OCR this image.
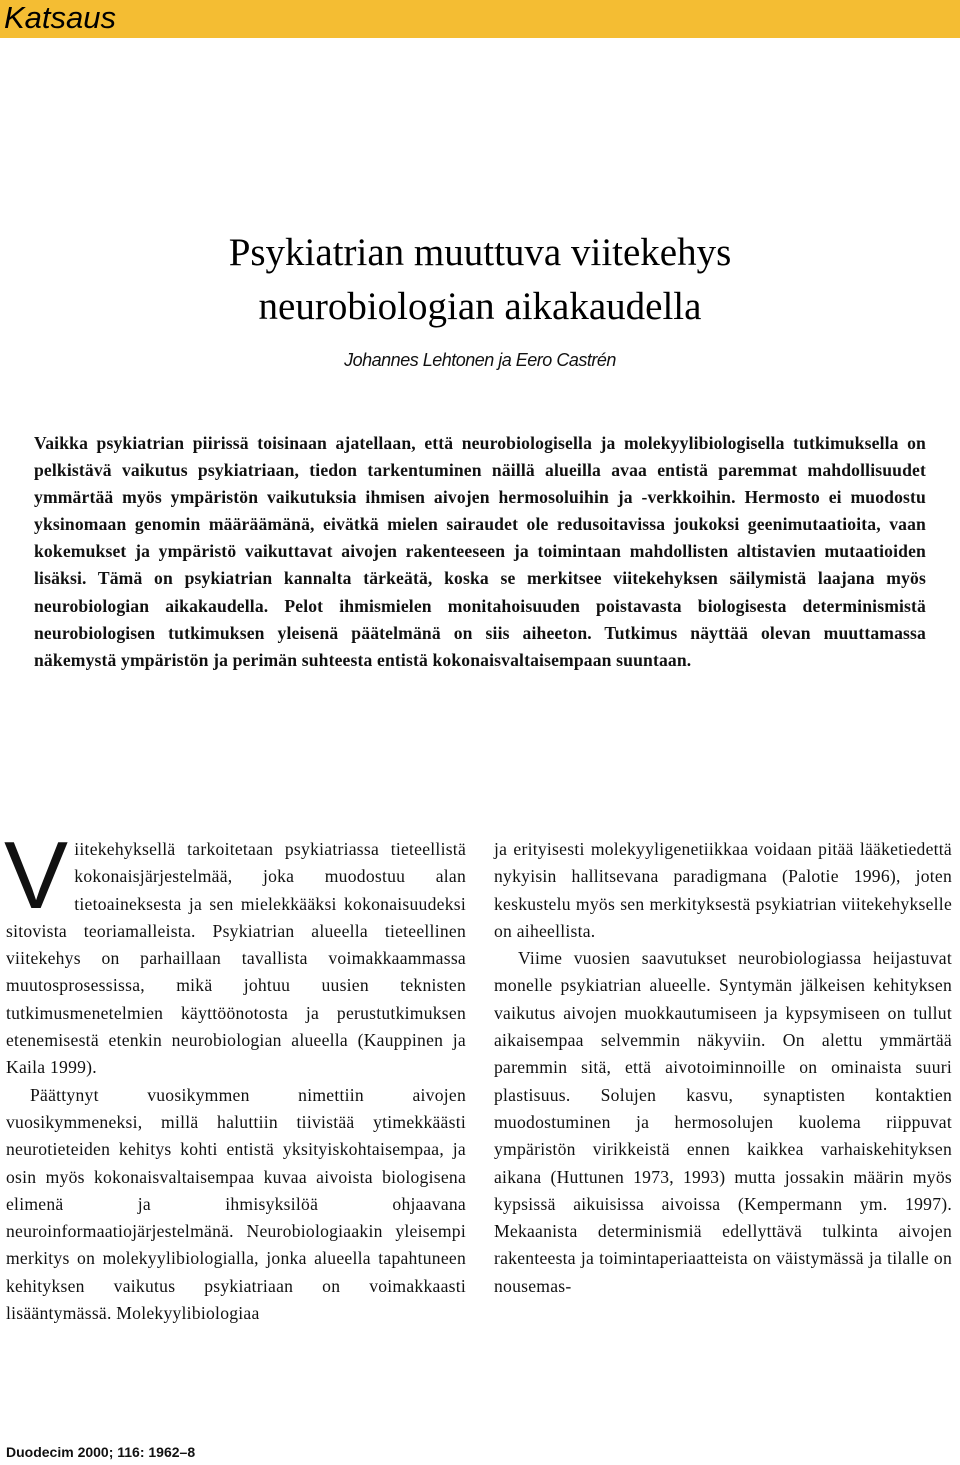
Katsaus
Psykiatrian muuttuva viitekehys
neurobiologian aikakaudella
Johannes Lehtonen ja Eero Castrén

Vaikka psykiatrian piirissä toisinaan ajatellaan, että neurobiologisella ja molekyylibiologisella tutkimuksella on pelkistävä vaikutus psykiatriaan, tiedon tarkentuminen näillä alueilla avaa entistä paremmat mahdollisuudet ymmärtää myös ympäristön vaikutuksia ihmisen aivojen hermosoluihin ja -verkkoihin. Hermosto ei muodostu yksinomaan genomin määräämänä, eivätkä mielen sairaudet ole redusoitavissa joukoksi geenimutaatioita, vaan kokemukset ja ympäristö vaikuttavat aivojen rakenteeseen ja toimintaan mahdollisten altistavien mutaatioiden lisäksi. Tämä on psykiatrian kannalta tärkeätä, koska se merkitsee viitekehyksen säilymistä laajana myös neurobiologian aikakaudella. Pelot ihmismielen monitahoisuuden poistavasta biologisesta determinismistä neurobiologisen tutkimuksen yleisenä päätelmänä on siis aiheeton. Tutkimus näyttää olevan muuttamassa näkemystä ympäristön ja perimän suhteesta entistä kokonaisvaltaisempaan suuntaan.

Viitekehyksellä tarkoitetaan psykiatriassa tieteellistä kokonaisjärjestelmää, joka muodostuu alan tietoaineksesta ja sen mielekkääksi kokonaisuudeksi sitovista teoriamalleista. Psykiatrian alueella tieteellinen viitekehys on parhaillaan tavallista voimakkaammassa muutosprosessissa, mikä johtuu uusien teknisten tutkimusmenetelmien käyttöönotosta ja perustutkimuksen etenemisestä etenkin neurobiologian alueella (Kauppinen ja Kaila 1999).

Päättynyt vuosikymmen nimettiin aivojen vuosikymmeneksi, millä haluttiin tiivistää ytimekkäästi neurotieteiden kehitys kohti entistä yksityiskohtaisempaa, ja osin myös kokonaisvaltaisempaa kuvaa aivoista biologisena elimenä ja ihmisyksilöä ohjaavana neuroinformaatiojärjestelmänä. Neurobiologiaakin yleisempi merkitys on molekyylibiologialla, jonka alueella tapahtuneen kehityksen vaikutus psykiatriaan on voimakkaasti lisääntymässä. Molekyylibiologiaa

ja erityisesti molekyyligenetiikkaa voidaan pitää lääketiedettä nykyisin hallitsevana paradigmana (Palotie 1996), joten keskustelu myös sen merkityksestä psykiatrian viitekehykselle on aiheellista.

Viime vuosien saavutukset neurobiologiassa heijastuvat monelle psykiatrian alueelle. Syntymän jälkeisen kehityksen vaikutus aivojen muokkautumiseen ja kypsymiseen on tullut aikaisempaa selvemmin näkyviin. On alettu ymmärtää paremmin sitä, että aivotoiminnoille on ominaista suuri plastisuus. Solujen kasvu, synaptisten kontaktien muodostuminen ja hermosolujen kuolema riippuvat ympäristön virikkeistä ennen kaikkea varhaiskehityksen aikana (Huttunen 1973, 1993) mutta jossakin määrin myös kypsissä aikuisissa aivoissa (Kempermann ym. 1997). Mekaanista determinismiä edellyttävä tulkinta aivojen rakenteesta ja toimintaperiaatteista on väistymässä ja tilalle on nousemas-

Duodecim 2000; 116: 1962–8
